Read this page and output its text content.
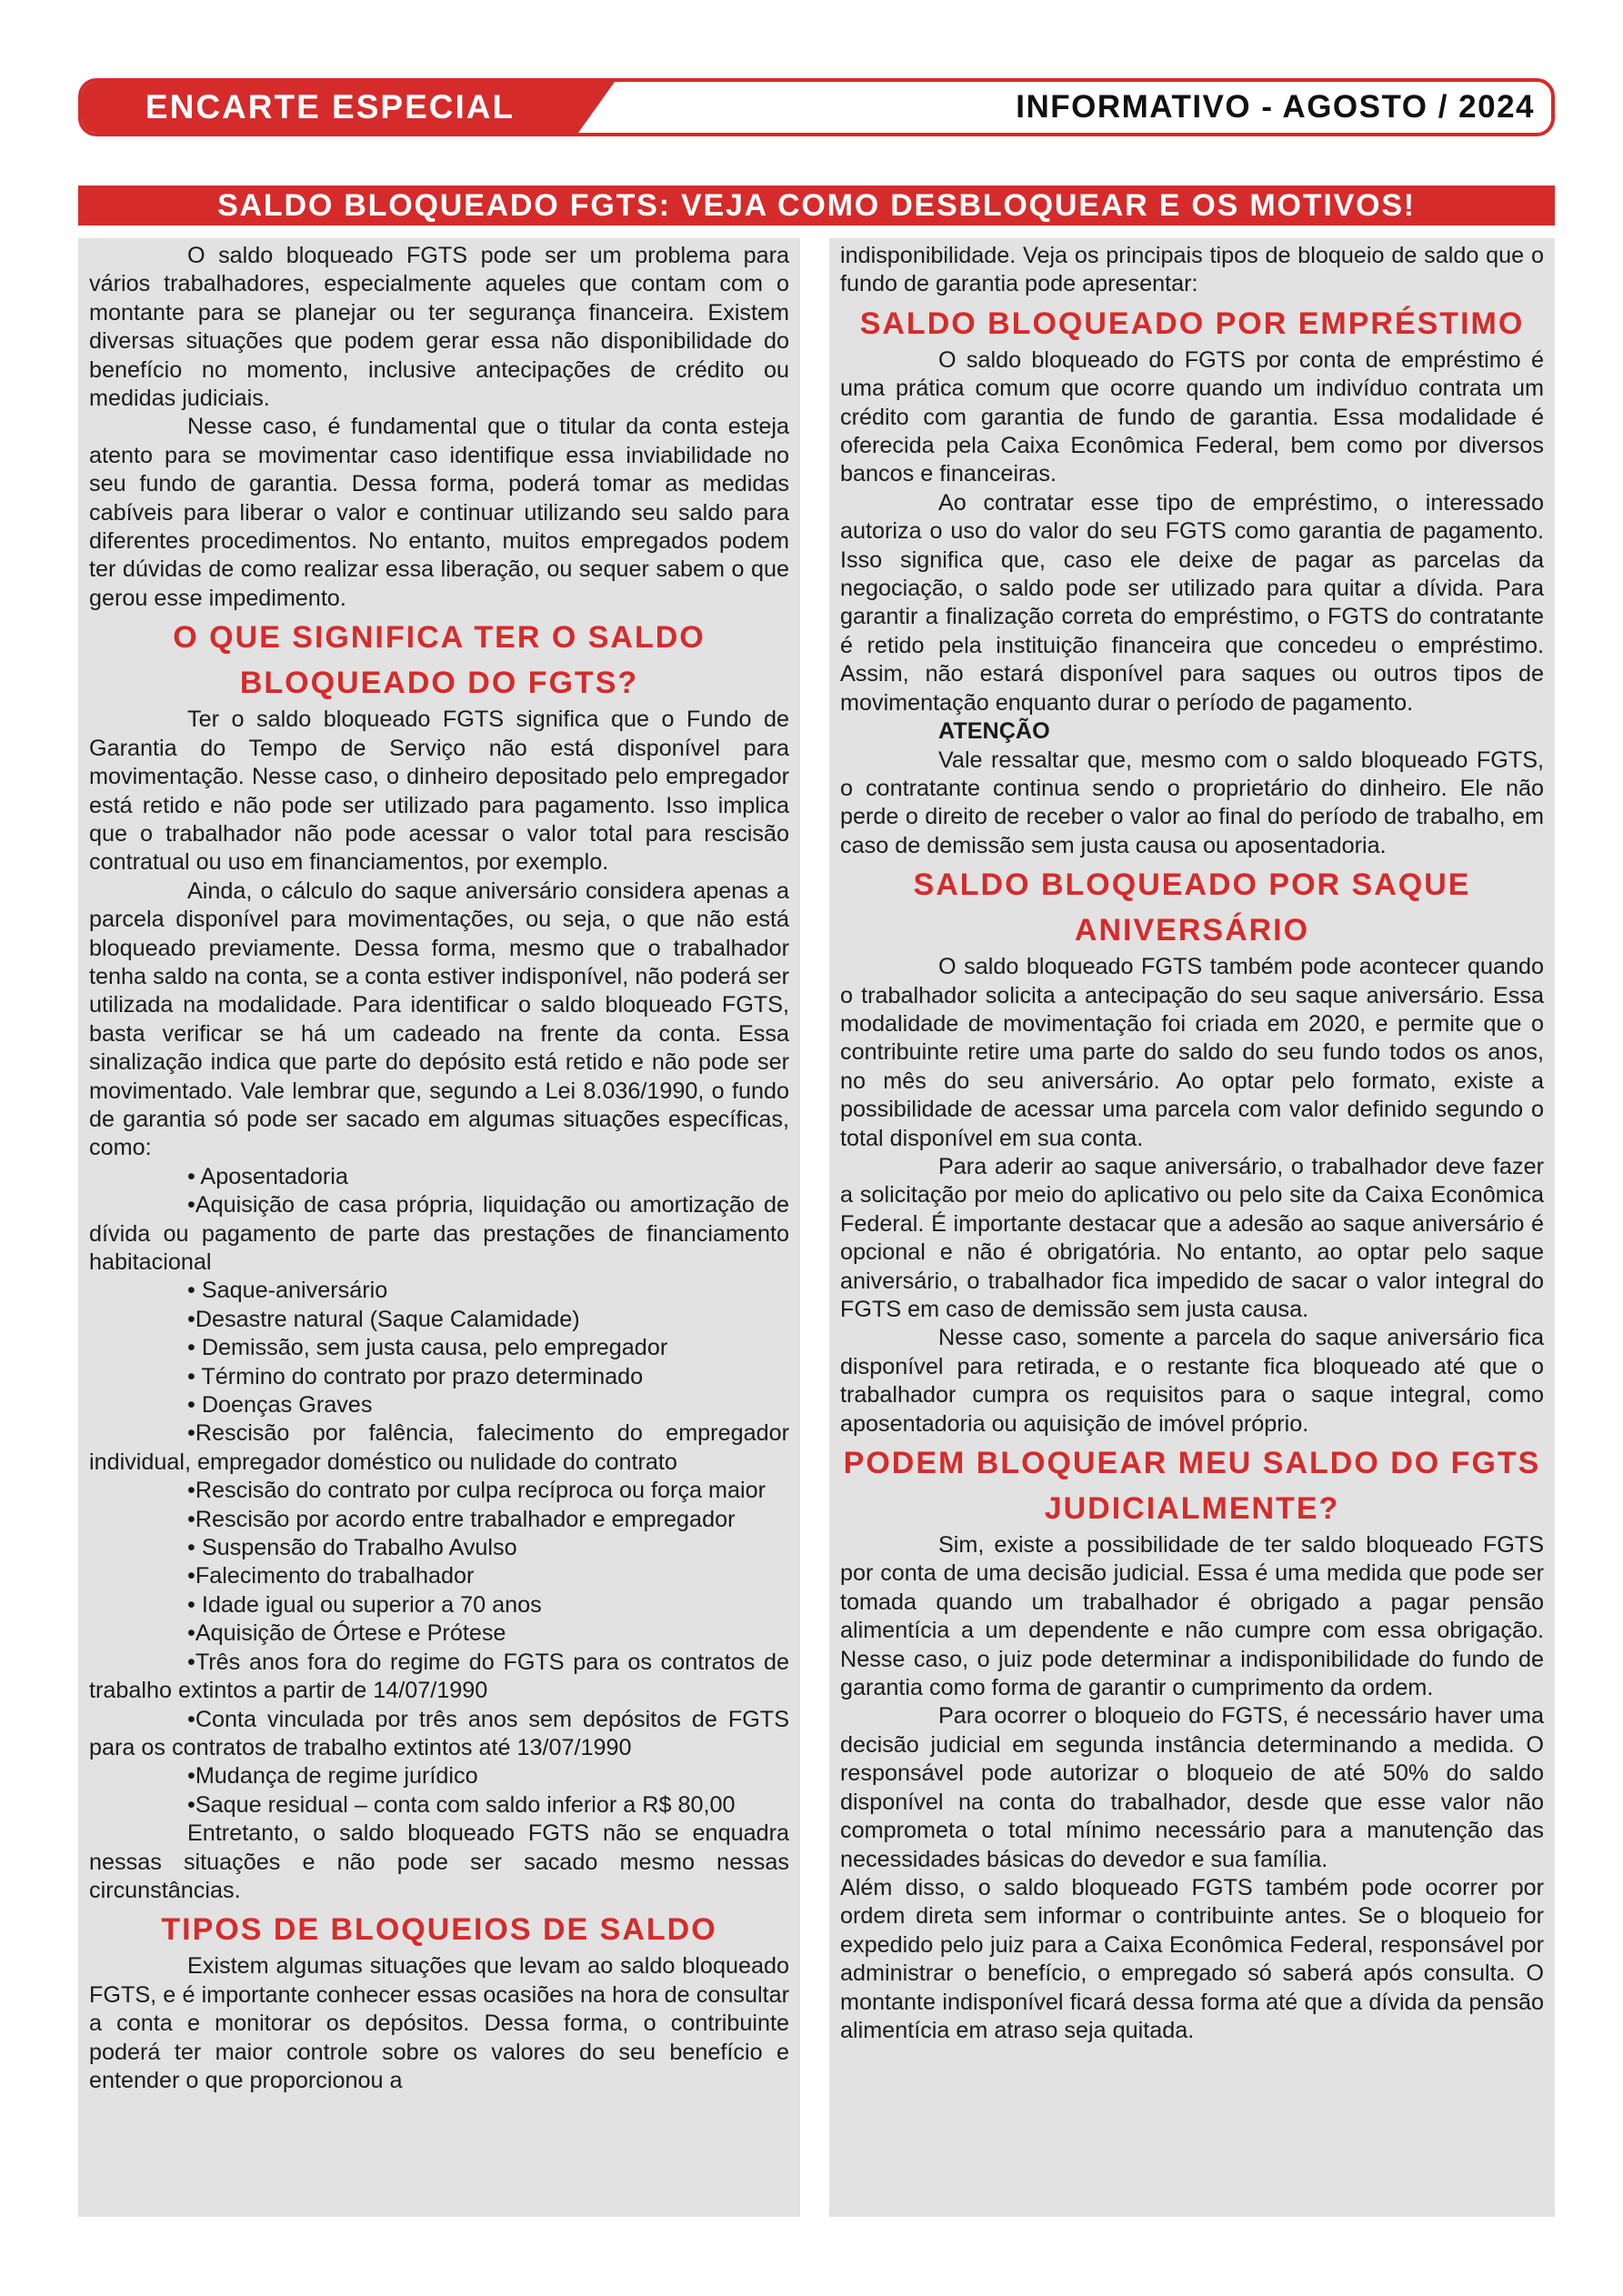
ENCARTE ESPECIAL	INFORMATIVO - AGOSTO / 2024
SALDO BLOQUEADO FGTS: VEJA COMO DESBLOQUEAR E OS MOTIVOS!

O saldo bloqueado FGTS pode ser um problema para vários trabalhadores, especialmente aqueles que contam com o montante para se planejar ou ter segurança financeira. Existem diversas situações que podem gerar essa não disponibilidade do benefício no momento, inclusive antecipações de crédito ou medidas judiciais.

Nesse caso, é fundamental que o titular da conta esteja atento para se movimentar caso identifique essa inviabilidade no seu fundo de garantia. Dessa forma, poderá tomar as medidas cabíveis para liberar o valor e continuar utilizando seu saldo para diferentes procedimentos. No entanto, muitos empregados podem ter dúvidas de como realizar essa liberação, ou sequer sabem o que gerou esse impedimento.

O QUE SIGNIFICA TER O SALDO BLOQUEADO DO FGTS?

Ter o saldo bloqueado FGTS significa que o Fundo de Garantia do Tempo de Serviço não está disponível para movimentação. Nesse caso, o dinheiro depositado pelo empregador está retido e não pode ser utilizado para pagamento. Isso implica que o trabalhador não pode acessar o valor total para rescisão contratual ou uso em financiamentos, por exemplo.

Ainda, o cálculo do saque aniversário considera apenas a parcela disponível para movimentações, ou seja, o que não está bloqueado previamente. Dessa forma, mesmo que o trabalhador tenha saldo na conta, se a conta estiver indisponível, não poderá ser utilizada na modalidade. Para identificar o saldo bloqueado FGTS, basta verificar se há um cadeado na frente da conta. Essa sinalização indica que parte do depósito está retido e não pode ser movimentado. Vale lembrar que, segundo a Lei 8.036/1990, o fundo de garantia só pode ser sacado em algumas situações específicas, como:

• Aposentadoria

•Aquisição de casa própria, liquidação ou amortização de dívida ou pagamento de parte das prestações de financiamento habitacional

• Saque-aniversário

•Desastre natural (Saque Calamidade)

• Demissão, sem justa causa, pelo empregador

• Término do contrato por prazo determinado

• Doenças Graves

•Rescisão por falência, falecimento do empregador individual, empregador doméstico ou nulidade do contrato

•Rescisão do contrato por culpa recíproca ou força maior

•Rescisão por acordo entre trabalhador e empregador

• Suspensão do Trabalho Avulso

•Falecimento do trabalhador

• Idade igual ou superior a 70 anos

•Aquisição de Órtese e Prótese

•Três anos fora do regime do FGTS para os contratos de trabalho extintos a partir de 14/07/1990

•Conta vinculada por três anos sem depósitos de FGTS para os contratos de trabalho extintos até 13/07/1990

•Mudança de regime jurídico

•Saque residual – conta com saldo inferior a R$ 80,00

Entretanto, o saldo bloqueado FGTS não se enquadra nessas situações e não pode ser sacado mesmo nessas circunstâncias.

TIPOS DE BLOQUEIOS DE SALDO

Existem algumas situações que levam ao saldo bloqueado FGTS, e é importante conhecer essas ocasiões na hora de consultar a conta e monitorar os depósitos. Dessa forma, o contribuinte poderá ter maior controle sobre os valores do seu benefício e entender o que proporcionou a

indisponibilidade. Veja os principais tipos de bloqueio de saldo que o fundo de garantia pode apresentar:

SALDO BLOQUEADO POR EMPRÉSTIMO

O saldo bloqueado do FGTS por conta de empréstimo é uma prática comum que ocorre quando um indivíduo contrata um crédito com garantia de fundo de garantia. Essa modalidade é oferecida pela Caixa Econômica Federal, bem como por diversos bancos e financeiras.

Ao contratar esse tipo de empréstimo, o interessado autoriza o uso do valor do seu FGTS como garantia de pagamento. Isso significa que, caso ele deixe de pagar as parcelas da negociação, o saldo pode ser utilizado para quitar a dívida. Para garantir a finalização correta do empréstimo, o FGTS do contratante é retido pela instituição financeira que concedeu o empréstimo. Assim, não estará disponível para saques ou outros tipos de movimentação enquanto durar o período de pagamento.

ATENÇÃO

Vale ressaltar que, mesmo com o saldo bloqueado FGTS, o contratante continua sendo o proprietário do dinheiro. Ele não perde o direito de receber o valor ao final do período de trabalho, em caso de demissão sem justa causa ou aposentadoria.

SALDO BLOQUEADO POR SAQUE ANIVERSÁRIO

O saldo bloqueado FGTS também pode acontecer quando o trabalhador solicita a antecipação do seu saque aniversário. Essa modalidade de movimentação foi criada em 2020, e permite que o contribuinte retire uma parte do saldo do seu fundo todos os anos, no mês do seu aniversário. Ao optar pelo formato, existe a possibilidade de acessar uma parcela com valor definido segundo o total disponível em sua conta.

Para aderir ao saque aniversário, o trabalhador deve fazer a solicitação por meio do aplicativo ou pelo site da Caixa Econômica Federal. É importante destacar que a adesão ao saque aniversário é opcional e não é obrigatória. No entanto, ao optar pelo saque aniversário, o trabalhador fica impedido de sacar o valor integral do FGTS em caso de demissão sem justa causa.

Nesse caso, somente a parcela do saque aniversário fica disponível para retirada, e o restante fica bloqueado até que o trabalhador cumpra os requisitos para o saque integral, como aposentadoria ou aquisição de imóvel próprio.

PODEM BLOQUEAR MEU SALDO DO FGTS JUDICIALMENTE?

Sim, existe a possibilidade de ter saldo bloqueado FGTS por conta de uma decisão judicial. Essa é uma medida que pode ser tomada quando um trabalhador é obrigado a pagar pensão alimentícia a um dependente e não cumpre com essa obrigação. Nesse caso, o juiz pode determinar a indisponibilidade do fundo de garantia como forma de garantir o cumprimento da ordem.

Para ocorrer o bloqueio do FGTS, é necessário haver uma decisão judicial em segunda instância determinando a medida. O responsável pode autorizar o bloqueio de até 50% do saldo disponível na conta do trabalhador, desde que esse valor não comprometa o total mínimo necessário para a manutenção das necessidades básicas do devedor e sua família.

Além disso, o saldo bloqueado FGTS também pode ocorrer por ordem direta sem informar o contribuinte antes. Se o bloqueio for expedido pelo juiz para a Caixa Econômica Federal, responsável por administrar o benefício, o empregado só saberá após consulta. O montante indisponível ficará dessa forma até que a dívida da pensão alimentícia em atraso seja quitada.
